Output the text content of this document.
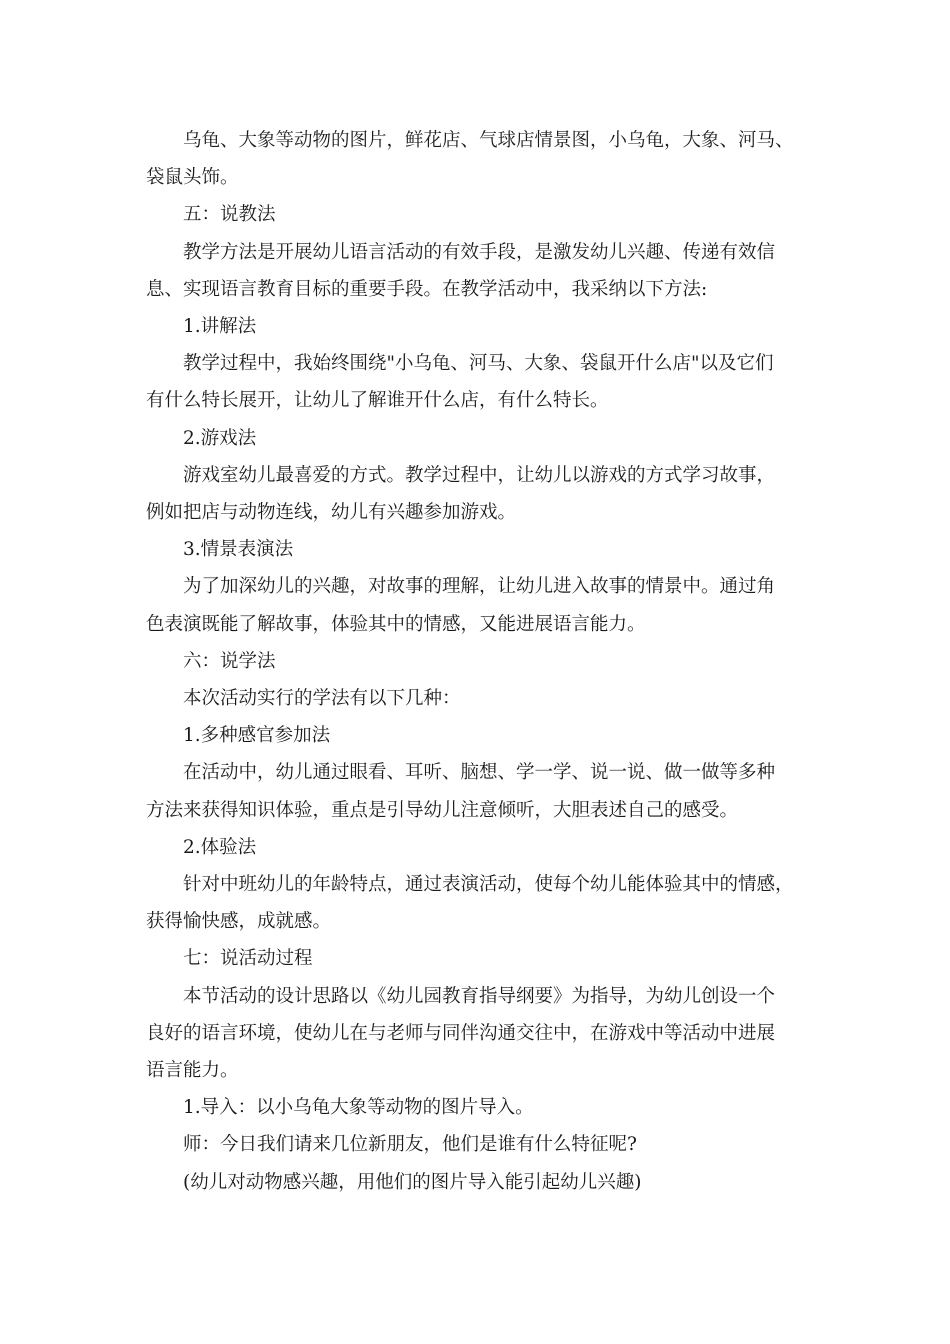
乌龟、大象等动物的图片，鲜花店、气球店情景图，小乌龟，大象、河马、

袋鼠头饰。

五：说教法

教学方法是开展幼儿语言活动的有效手段，是激发幼儿兴趣、传递有效信

息、实现语言教育目标的重要手段。在教学活动中，我采纳以下方法:

1.讲解法

教学过程中，我始终围绕"小乌龟、河马、大象、袋鼠开什么店"以及它们

有什么特长展开，让幼儿了解谁开什么店，有什么特长。

2.游戏法

游戏室幼儿最喜爱的方式。教学过程中，让幼儿以游戏的方式学习故事，

例如把店与动物连线，幼儿有兴趣参加游戏。

3.情景表演法

为了加深幼儿的兴趣，对故事的理解，让幼儿进入故事的情景中。通过角

色表演既能了解故事，体验其中的情感，又能进展语言能力。

六：说学法

本次活动实行的学法有以下几种：

1.多种感官参加法

在活动中，幼儿通过眼看、耳听、脑想、学一学、说一说、做一做等多种

方法来获得知识体验，重点是引导幼儿注意倾听，大胆表述自己的感受。

2.体验法

针对中班幼儿的年龄特点，通过表演活动，使每个幼儿能体验其中的情感，

获得愉快感，成就感。

七：说活动过程

本节活动的设计思路以《幼儿园教育指导纲要》为指导，为幼儿创设一个

良好的语言环境，使幼儿在与老师与同伴沟通交往中，在游戏中等活动中进展

语言能力。

1.导入：以小乌龟大象等动物的图片导入。

师：今日我们请来几位新朋友，他们是谁有什么特征呢?

(幼儿对动物感兴趣，用他们的图片导入能引起幼儿兴趣)
